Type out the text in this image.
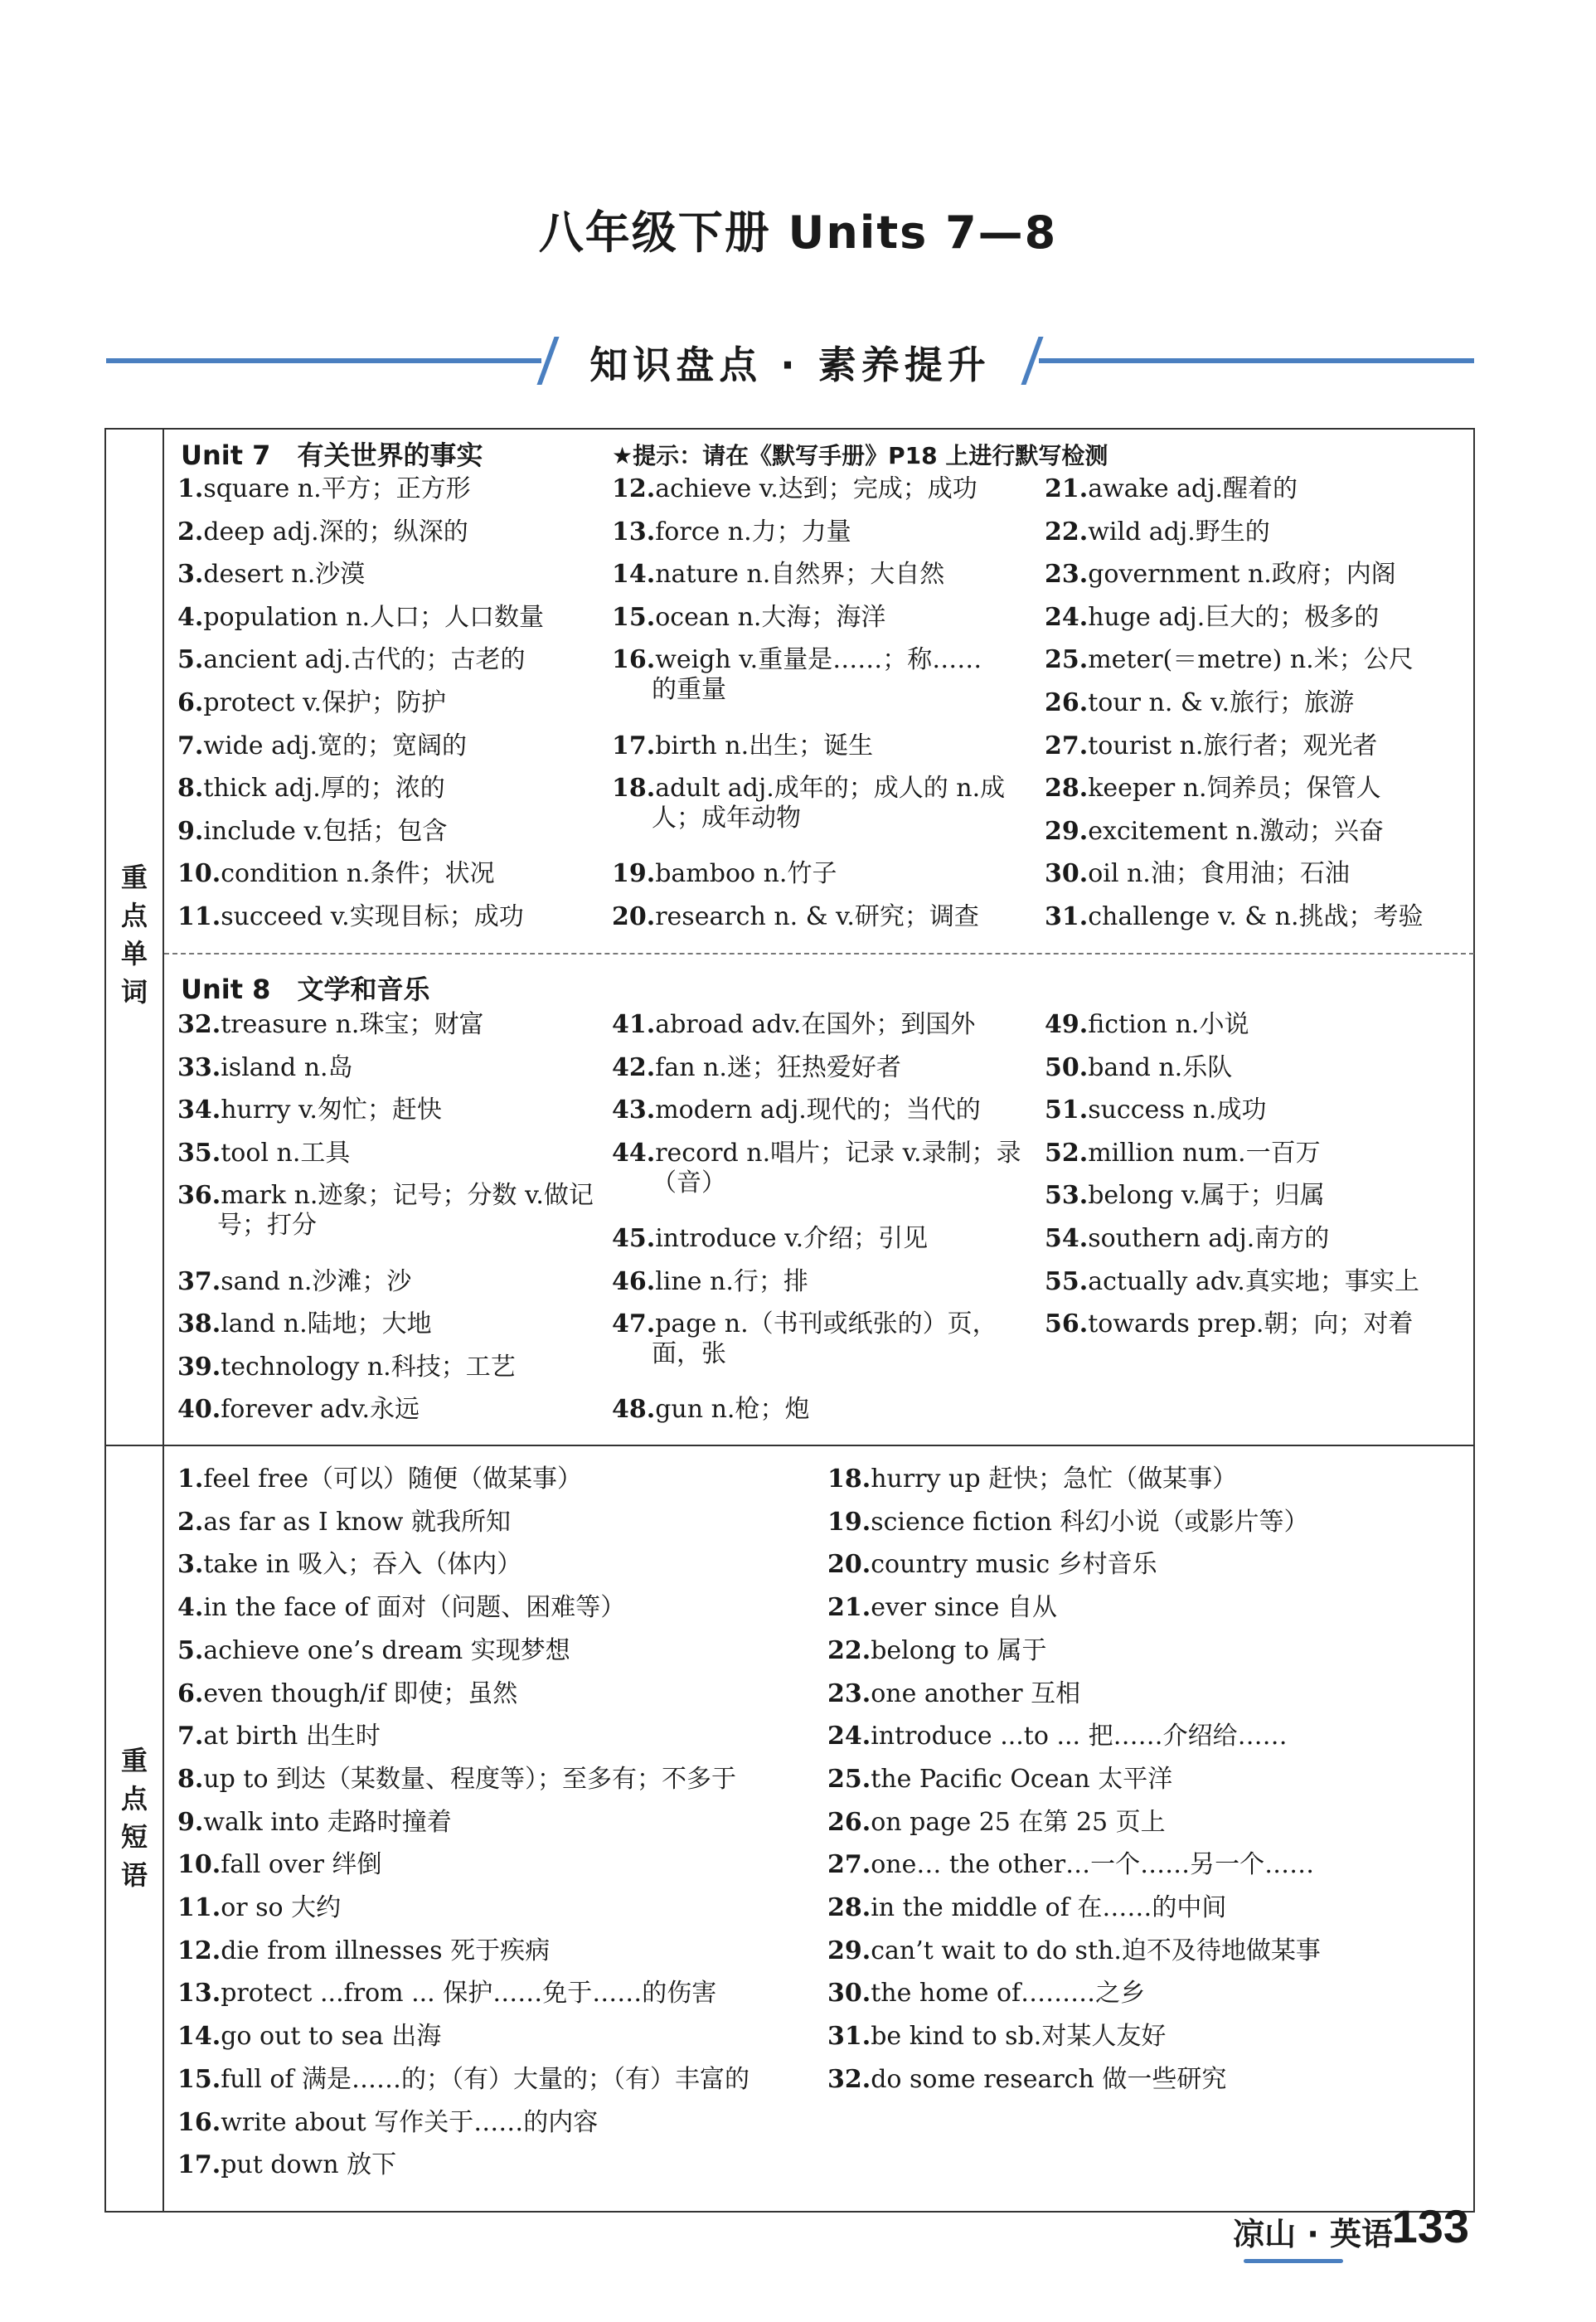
八年级下册 Units 7—8
知识盘点 · 素养提升
重
点
单
词
重
点
短
语
Unit 7　有关世界的事实	★提示：请在《默写手册》P18 上进行默写检测
Unit 8　文学和音乐
1.square n.平方；正方形
2.deep adj.深的；纵深的
3.desert n.沙漠
4.population n.人口；人口数量
5.ancient adj.古代的；古老的
6.protect v.保护；防护
7.wide adj.宽的；宽阔的
8.thick adj.厚的；浓的
9.include v.包括；包含
10.condition n.条件；状况
11.succeed v.实现目标；成功
12.achieve v.达到；完成；成功
13.force n.力；力量
14.nature n.自然界；大自然
15.ocean n.大海；海洋
16.weigh v.重量是……；称……
的重量
17.birth n.出生；诞生
18.adult adj.成年的；成人的 n.成
人；成年动物
19.bamboo n.竹子
20.research n. & v.研究；调查
21.awake adj.醒着的
22.wild adj.野生的
23.government n.政府；内阁
24.huge adj.巨大的；极多的
25.meter(＝metre) n.米；公尺
26.tour n. & v.旅行；旅游
27.tourist n.旅行者；观光者
28.keeper n.饲养员；保管人
29.excitement n.激动；兴奋
30.oil n.油；食用油；石油
31.challenge v. & n.挑战；考验
32.treasure n.珠宝；财富
33.island n.岛
34.hurry v.匆忙；赶快
35.tool n.工具
36.mark n.迹象；记号；分数 v.做记
号；打分
37.sand n.沙滩；沙
38.land n.陆地；大地
39.technology n.科技；工艺
40.forever adv.永远
41.abroad adv.在国外；到国外
42.fan n.迷；狂热爱好者
43.modern adj.现代的；当代的
44.record n.唱片；记录 v.录制；录
（音）
45.introduce v.介绍；引见
46.line n.行；排
47.page n.（书刊或纸张的）页，
面，张
48.gun n.枪；炮
49.fiction n.小说
50.band n.乐队
51.success n.成功
52.million num.一百万
53.belong v.属于；归属
54.southern adj.南方的
55.actually adv.真实地；事实上
56.towards prep.朝；向；对着
1.feel free（可以）随便（做某事）
2.as far as I know 就我所知
3.take in 吸入；吞入（体内）
4.in the face of 面对（问题、困难等）
5.achieve one’s dream 实现梦想
6.even though/if 即使；虽然
7.at birth 出生时
8.up to 到达（某数量、程度等）；至多有；不多于
9.walk into 走路时撞着
10.fall over 绊倒
11.or so 大约
12.die from illnesses 死于疾病
13.protect ...from ... 保护……免于……的伤害
14.go out to sea 出海
15.full of 满是……的；（有）大量的；（有）丰富的
16.write about 写作关于……的内容
17.put down 放下
18.hurry up 赶快；急忙（做某事）
19.science fiction 科幻小说（或影片等）
20.country music 乡村音乐
21.ever since 自从
22.belong to 属于
23.one another 互相
24.introduce ...to ... 把……介绍给……
25.the Pacific Ocean 太平洋
26.on page 25 在第 25 页上
27.one… the other…一个……另一个……
28.in the middle of 在……的中间
29.can’t wait to do sth.迫不及待地做某事
30.the home of………之乡
31.be kind to sb.对某人友好
32.do some research 做一些研究
凉山 · 英语
133
